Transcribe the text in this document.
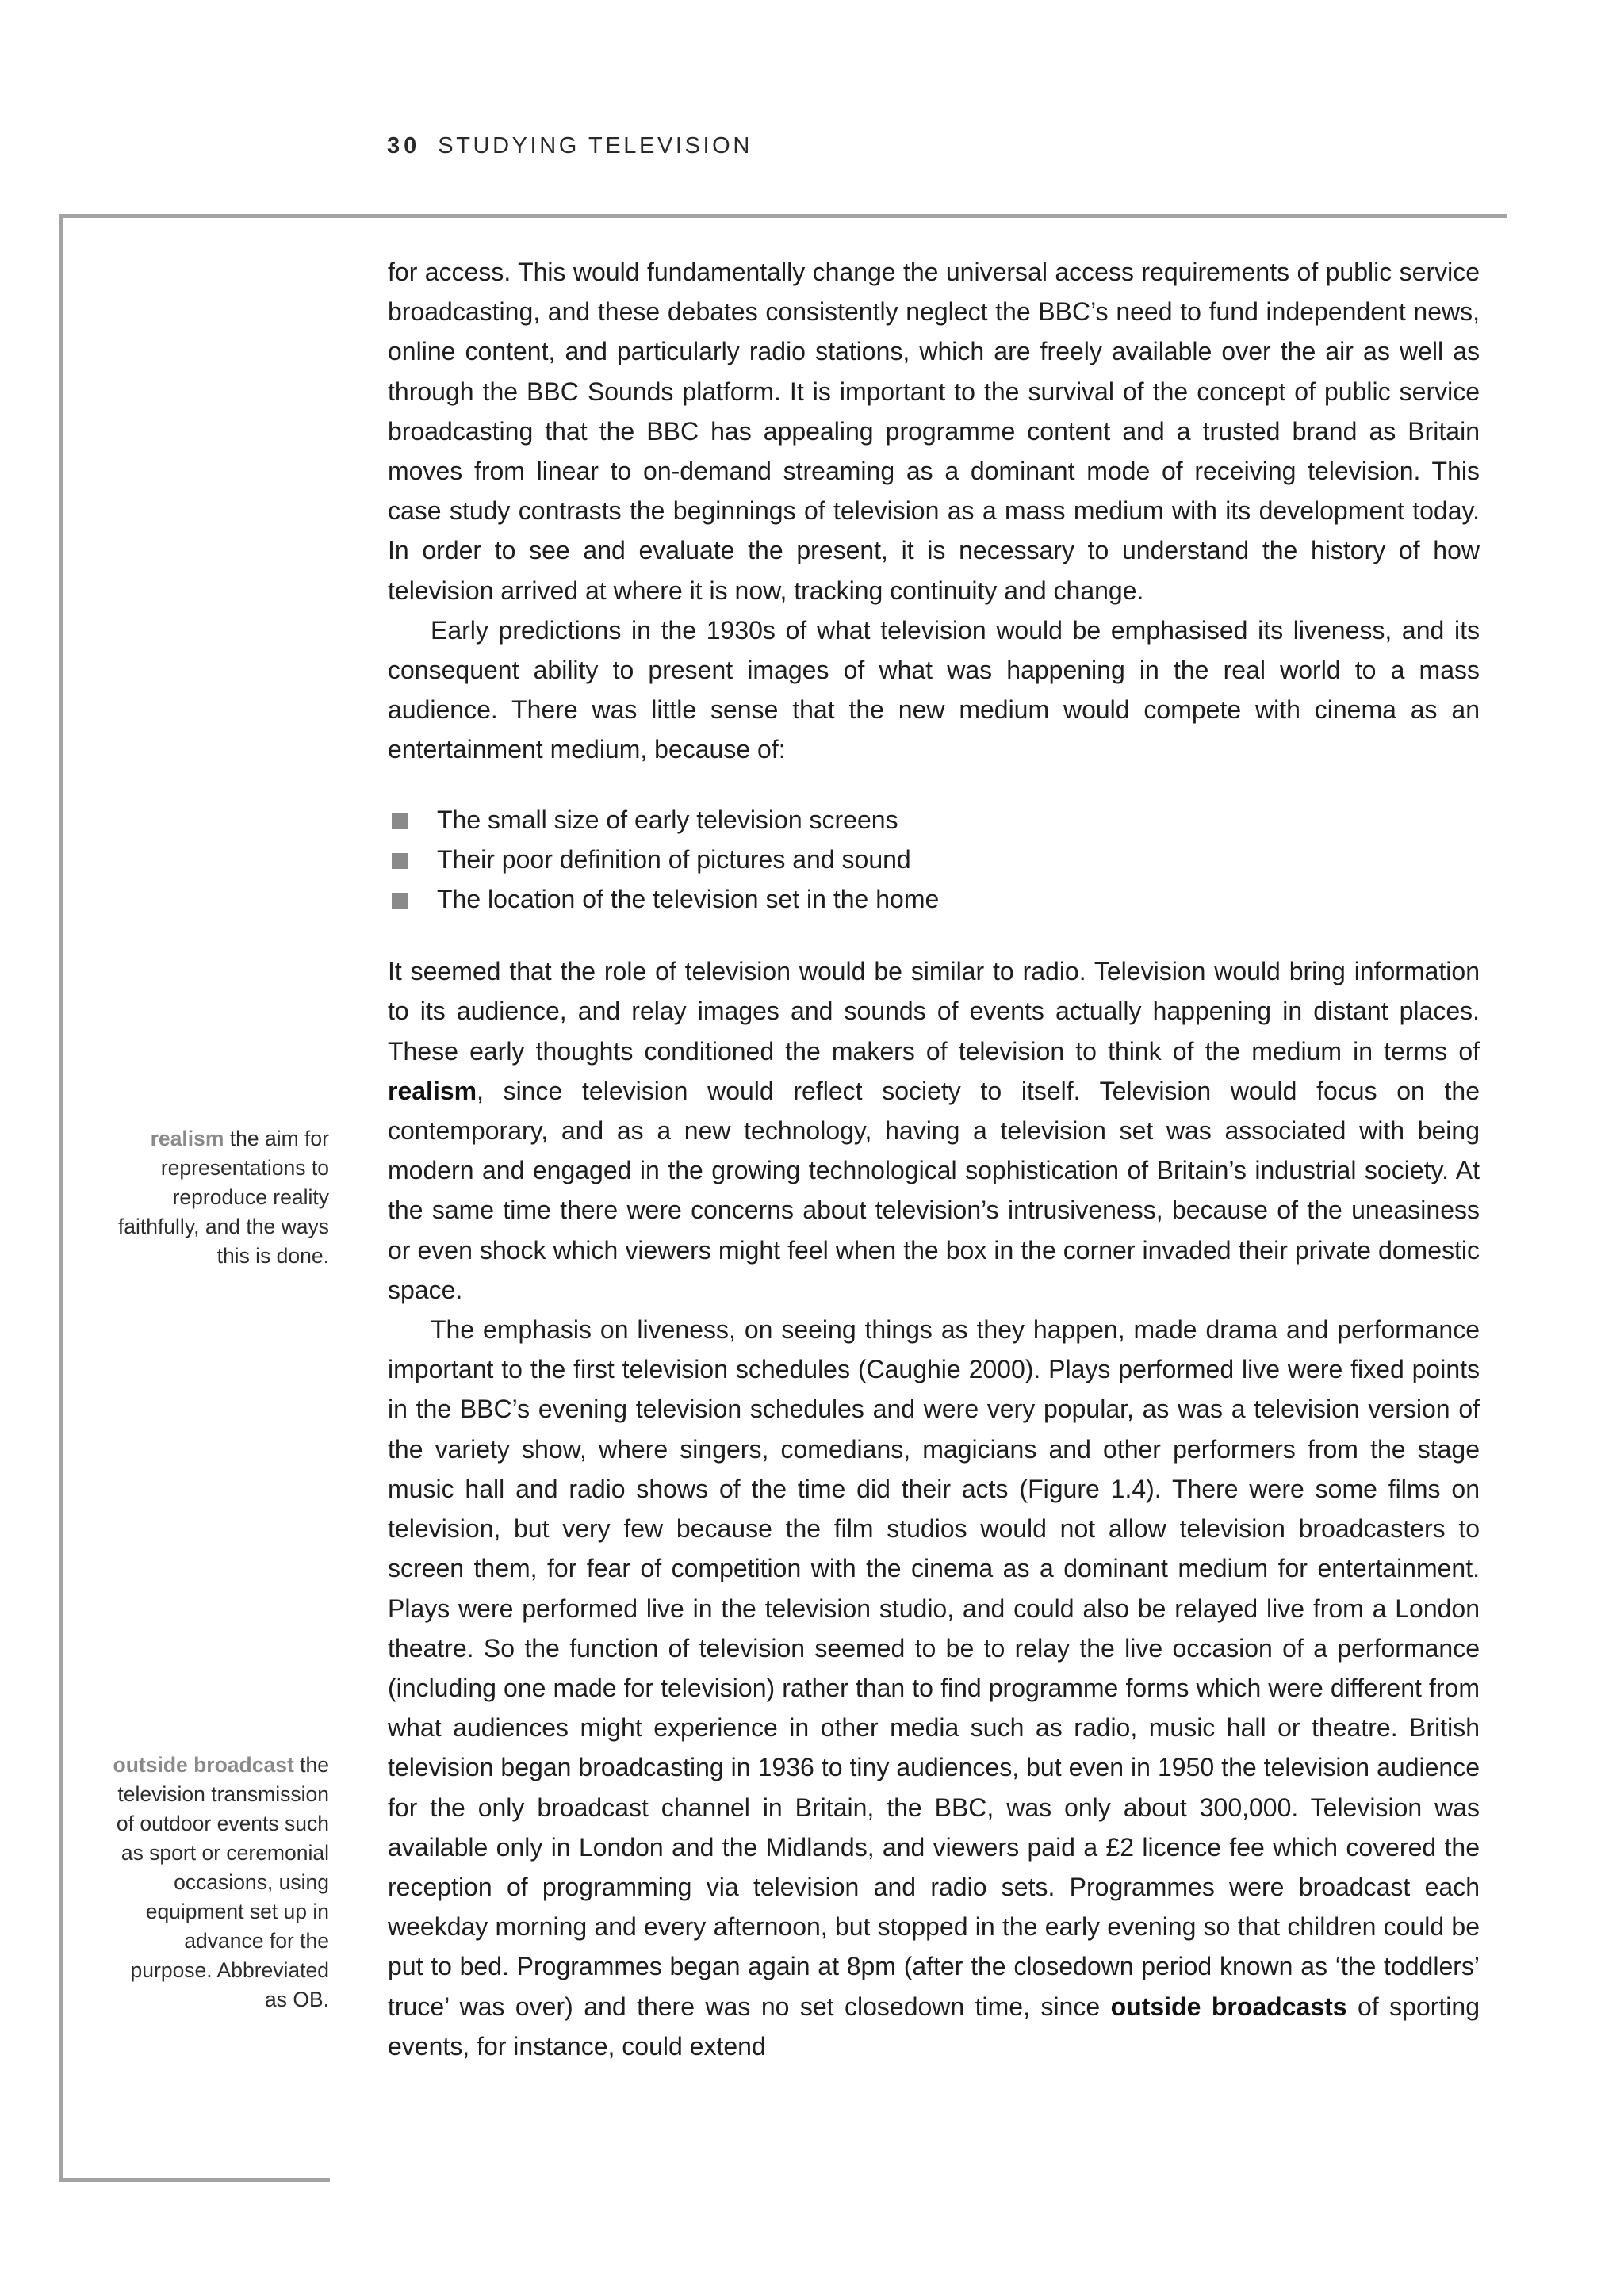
30 STUDYING TELEVISION

for access. This would fundamentally change the universal access requirements of public service broadcasting, and these debates consistently neglect the BBC’s need to fund independent news, online content, and particularly radio stations, which are freely available over the air as well as through the BBC Sounds platform. It is important to the survival of the concept of public service broadcasting that the BBC has appealing programme content and a trusted brand as Britain moves from linear to on-demand streaming as a dominant mode of receiving television. This case study contrasts the beginnings of television as a mass medium with its development today. In order to see and evaluate the present, it is necessary to understand the history of how television arrived at where it is now, tracking continuity and change.

Early predictions in the 1930s of what television would be emphasised its liveness, and its consequent ability to present images of what was happening in the real world to a mass audience. There was little sense that the new medium would compete with cinema as an entertainment medium, because of:

The small size of early television screens
Their poor definition of pictures and sound
The location of the television set in the home

It seemed that the role of television would be similar to radio. Television would bring information to its audience, and relay images and sounds of events actually happening in distant places. These early thoughts conditioned the makers of television to think of the medium in terms of realism, since television would reflect society to itself. Television would focus on the contemporary, and as a new technology, having a television set was associated with being modern and engaged in the growing technological sophistication of Britain’s industrial society. At the same time there were concerns about television’s intrusiveness, because of the uneasiness or even shock which viewers might feel when the box in the corner invaded their private domestic space.

The emphasis on liveness, on seeing things as they happen, made drama and performance important to the first television schedules (Caughie 2000). Plays performed live were fixed points in the BBC’s evening television schedules and were very popular, as was a television version of the variety show, where singers, comedians, magicians and other performers from the stage music hall and radio shows of the time did their acts (Figure 1.4). There were some films on television, but very few because the film studios would not allow television broadcasters to screen them, for fear of competition with the cinema as a dominant medium for entertainment. Plays were performed live in the television studio, and could also be relayed live from a London theatre. So the function of television seemed to be to relay the live occasion of a performance (including one made for television) rather than to find programme forms which were different from what audiences might experience in other media such as radio, music hall or theatre. British television began broadcasting in 1936 to tiny audiences, but even in 1950 the television audience for the only broadcast channel in Britain, the BBC, was only about 300,000. Television was available only in London and the Midlands, and viewers paid a £2 licence fee which covered the reception of programming via television and radio sets. Programmes were broadcast each weekday morning and every afternoon, but stopped in the early evening so that children could be put to bed. Programmes began again at 8pm (after the closedown period known as ‘the toddlers’ truce’ was over) and there was no set closedown time, since outside broadcasts of sporting events, for instance, could extend

realism the aim for representations to reproduce reality faithfully, and the ways this is done.
outside broadcast the television transmission of outdoor events such as sport or ceremonial occasions, using equipment set up in advance for the purpose. Abbreviated as OB.
